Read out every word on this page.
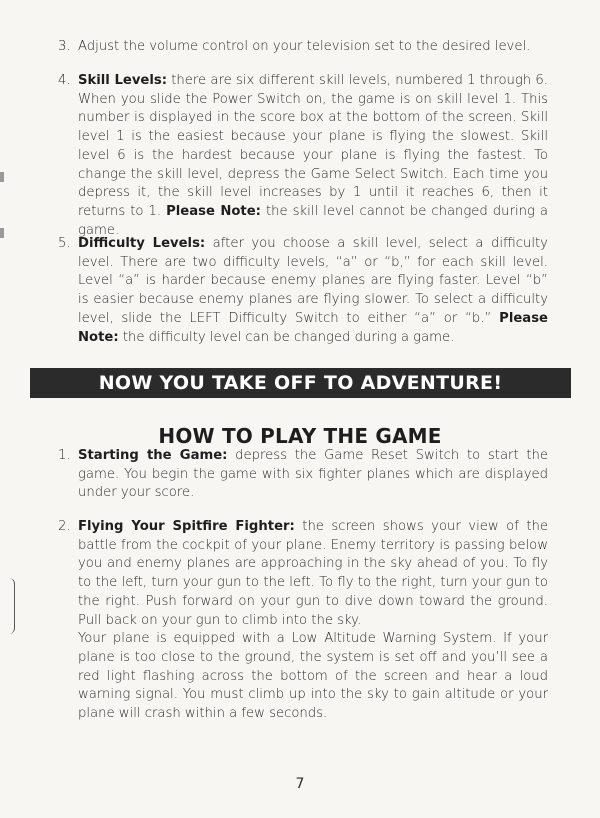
3. Adjust the volume control on your television set to the desired level.
4. Skill Levels: there are six different skill levels, numbered 1 through 6. When you slide the Power Switch on, the game is on skill level 1. This number is displayed in the score box at the bottom of the screen. Skill level 1 is the easiest because your plane is flying the slowest. Skill level 6 is the hardest because your plane is flying the fastest. To change the skill level, depress the Game Select Switch. Each time you depress it, the skill level increases by 1 until it reaches 6, then it returns to 1. Please Note: the skill level cannot be changed during a game.
5. Difficulty Levels: after you choose a skill level, select a difficulty level. There are two difficulty levels, “a” or “b,” for each skill level. Level “a” is harder because enemy planes are flying faster. Level “b” is easier because enemy planes are flying slower. To select a difficulty level, slide the LEFT Difficulty Switch to either “a” or “b.” Please Note: the difficulty level can be changed during a game.
NOW YOU TAKE OFF TO ADVENTURE!
HOW TO PLAY THE GAME
1. Starting the Game: depress the Game Reset Switch to start the game. You begin the game with six fighter planes which are displayed under your score.
2. Flying Your Spitfire Fighter: the screen shows your view of the battle from the cockpit of your plane. Enemy territory is passing below you and enemy planes are approaching in the sky ahead of you. To fly to the left, turn your gun to the left. To fly to the right, turn your gun to the right. Push forward on your gun to dive down toward the ground. Pull back on your gun to climb into the sky.
Your plane is equipped with a Low Altitude Warning System. If your plane is too close to the ground, the system is set off and you’ll see a red light flashing across the bottom of the screen and hear a loud warning signal. You must climb up into the sky to gain altitude or your plane will crash within a few seconds.
7
